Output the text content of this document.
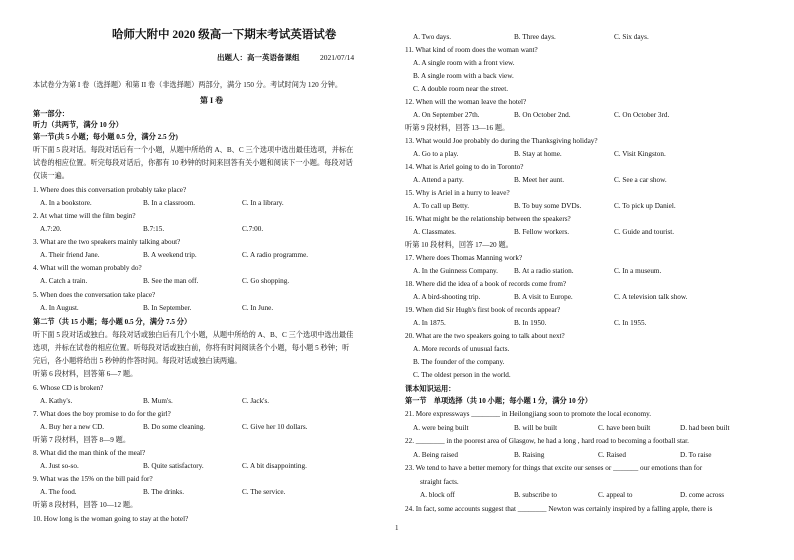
哈师大附中 2020 级高一下期末考试英语试卷
出题人：高一英语备课组	2021/07/14
本试卷分为第 I 卷（选择题）和第 II 卷（非选择题）两部分，满分 150 分。考试时间为 120 分钟。
第 I 卷
第一部分：
听力（共两节，满分 10 分）
第一节(共 5 小题；每小题 0.5 分，满分 2.5 分)
听下面 5 段对话。每段对话后有一个小题，从题中所给的 A、B、C 三个选项中选出最佳选项，并标在
试卷的相应位置。听完每段对话后，你都有 10 秒钟的时间来回答有关小题和阅读下一小题。每段对话
仅读一遍。
1. Where does this conversation probably take place?
A. In a bookstore.	B. In a classroom.	C. In a library.
2. At what time will the film begin?
A.7:20.	B.7:15.	C.7:00.
3. What are the two speakers mainly talking about?
A. Their friend Jane.	B. A weekend trip.	C. A radio programme.
4. What will the woman probably do?
A. Catch a train.	B. See the man off.	C. Go shopping.
5. When does the conversation take place?
A. In August.	B. In September.	C. In June.
第二节（共 15 小题；每小题 0.5 分，满分 7.5 分）
听下面 5 段对话或独白。每段对话或独白后有几个小题，从题中所给的 A、B、C 三个选项中选出最佳
选项，并标在试卷的相应位置。听每段对话或独白前，你将有时间阅读各个小题，每小题 5 秒钟；听
完后，各小题将给出 5 秒钟的作答时间。每段对话或独白读两遍。
听第 6 段材料，回答第 6—7 题。
6. Whose CD is broken?
A. Kathy's.	B. Mum's.	C. Jack's.
7. What does the boy promise to do for the girl?
A. Buy her a new CD.	B. Do some cleaning.	C. Give her 10 dollars.
听第 7 段材料，回答 8—9 题。
8. What did the man think of the meal?
A. Just so-so.	B. Quite satisfactory.	C. A bit disappointing.
9. What was the 15% on the bill paid for?
A. The food.	B. The drinks.	C. The service.
听第 8 段材料，回答 10—12 题。
10. How long is the woman going to stay at the hotel?
A. Two days.	B. Three days.	C. Six days.
11. What kind of room does the woman want?
A. A single room with a front view.
B. A single room with a back view.
C. A double room near the street.
12. When will the woman leave the hotel?
A. On September 27th.	B. On October 2nd.	C. On October 3rd.
听第 9 段材料，回答 13—16 题。
13. What would Joe probably do during the Thanksgiving holiday?
A. Go to a play.	B. Stay at home.	C. Visit Kingston.
14. What is Ariel going to do in Toronto?
A. Attend a party.	B. Meet her aunt.	C. See a car show.
15. Why is Ariel in a hurry to leave?
A. To call up Betty.	B. To buy some DVDs.	C. To pick up Daniel.
16. What might be the relationship between the speakers?
A. Classmates.	B. Fellow workers.	C. Guide and tourist.
听第 10 段材料，回答 17—20 题。
17. Where does Thomas Manning work?
A. In the Guinness Company. B. At a radio station.	C. In a museum.
18. Where did the idea of a book of records come from?
A. A bird-shooting trip.	B. A visit to Europe.	C. A television talk show.
19. When did Sir Hugh's first book of records appear?
A. In 1875.	B. In 1950.	C. In 1955.
20. What are the two speakers going to talk about next?
A. More records of unusual facts.
B. The founder of the company.
C. The oldest person in the world.
课本知识运用：
第一节　单项选择（共 10 小题；每小题 1 分，满分 10 分）
21. More expressways ________ in Heilongjiang soon to promote the local economy.
A. were being built	B. will be built	C. have been built	D. had been built
22. ________ in the poorest area of Glasgow, he had a long , hard road to becoming a football star.
A. Being raised	B. Raising	C. Raised	D. To raise
23. We tend to have a better memory for things that excite our senses or _______ our emotions than for
straight facts.
A. block off	B. subscribe to	C. appeal to	D. come across
24. In fact, some accounts suggest that ________ Newton was certainly inspired by a falling apple, there is
1
